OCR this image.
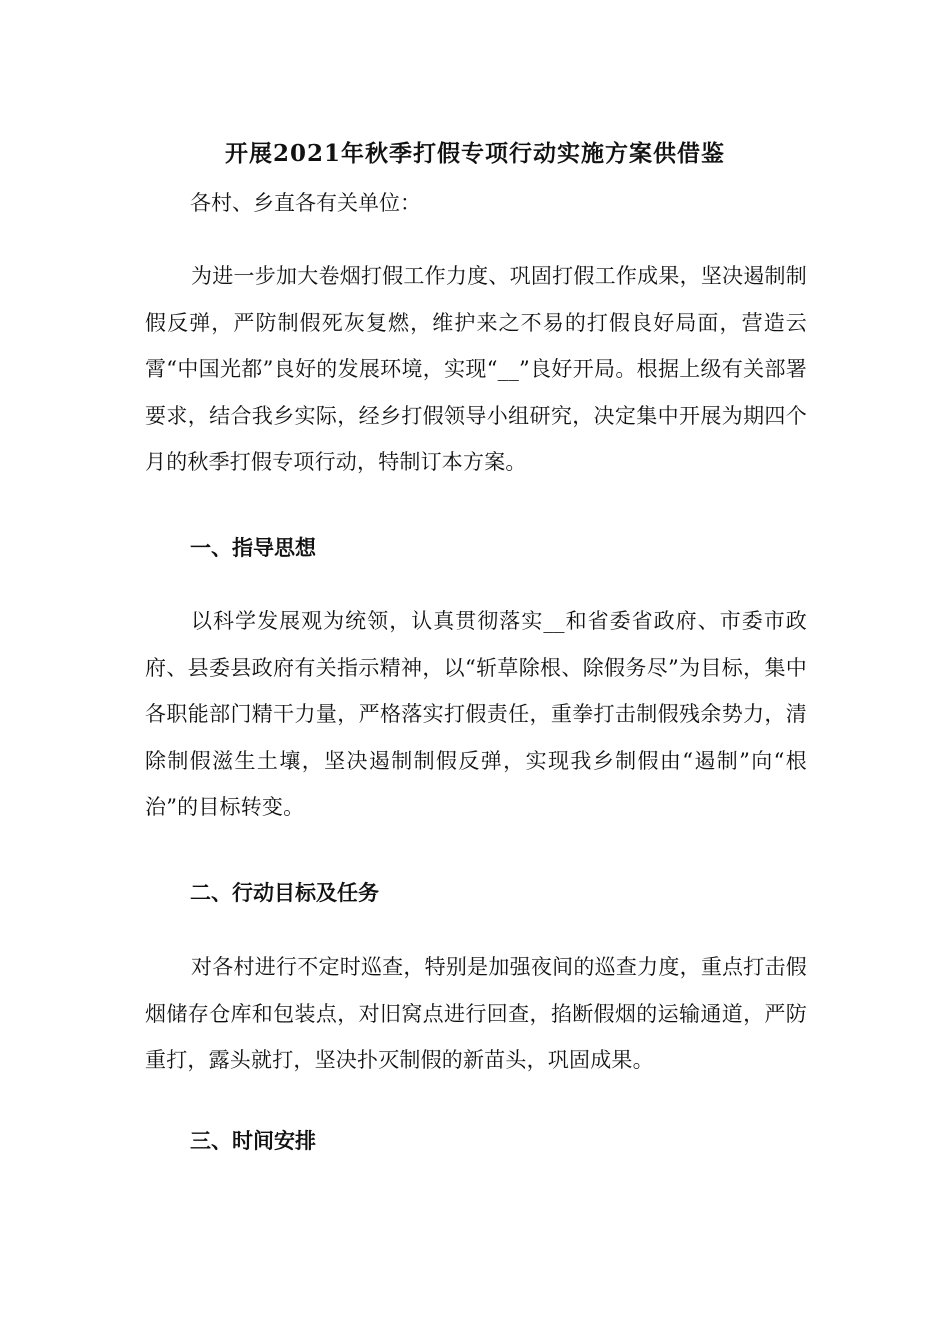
开展2021年秋季打假专项行动实施方案供借鉴
各村、乡直各有关单位：
为进一步加大卷烟打假工作力度、巩固打假工作成果，坚决遏制制假反弹，严防制假死灰复燃，维护来之不易的打假良好局面，营造云霄“中国光都”良好的发展环境，实现“__”良好开局。根据上级有关部署要求，结合我乡实际，经乡打假领导小组研究，决定集中开展为期四个月的秋季打假专项行动，特制订本方案。
一、指导思想
以科学发展观为统领，认真贯彻落实__和省委省政府、市委市政府、县委县政府有关指示精神，以“斩草除根、除假务尽”为目标，集中各职能部门精干力量，严格落实打假责任，重拳打击制假残余势力，清除制假滋生土壤，坚决遏制制假反弹，实现我乡制假由“遏制”向“根治”的目标转变。
二、行动目标及任务
对各村进行不定时巡查，特别是加强夜间的巡查力度，重点打击假烟储存仓库和包装点，对旧窝点进行回查，掐断假烟的运输通道，严防重打，露头就打，坚决扑灭制假的新苗头，巩固成果。
三、时间安排
